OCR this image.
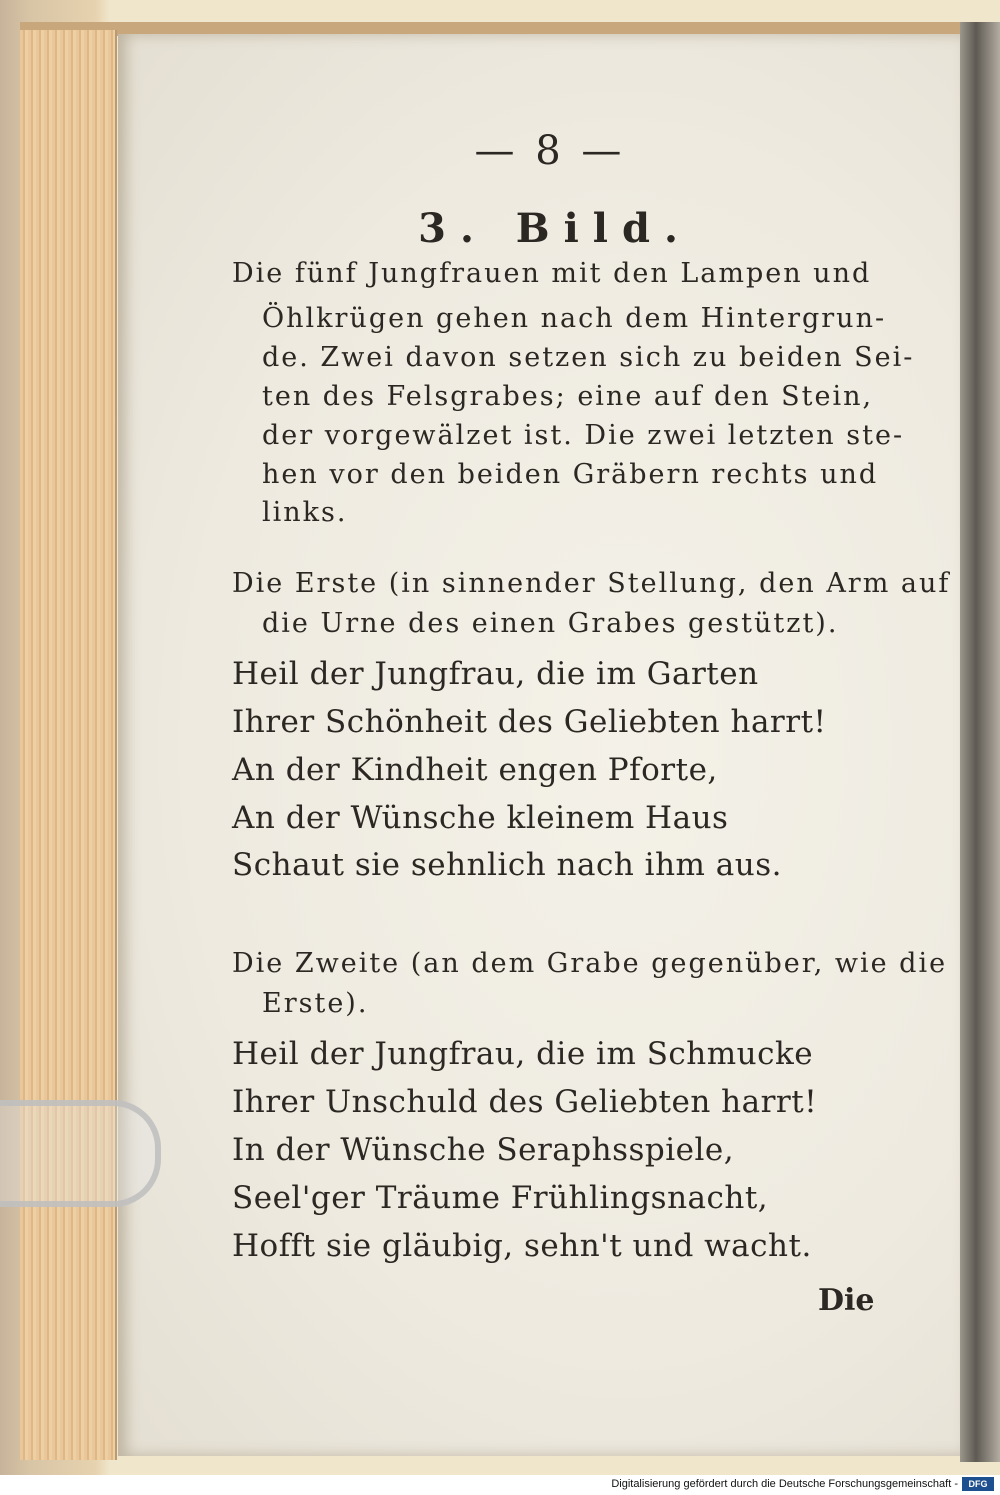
— 8 —
3. Bild.
Die fünf Jungfrauen mit den Lampen und
Öhlkrügen gehen nach dem Hintergrun-
de. Zwei davon setzen sich zu beiden Sei-
ten des Felsgrabes; eine auf den Stein,
der vorgewälzet ist. Die zwei letzten ste-
hen vor den beiden Gräbern rechts und
links.
Die Erste (in sinnender Stellung, den Arm auf
die Urne des einen Grabes gestützt).
Heil der Jungfrau, die im Garten
Ihrer Schönheit des Geliebten harrt!
An der Kindheit engen Pforte,
An der Wünsche kleinem Haus
Schaut sie sehnlich nach ihm aus.
Die Zweite (an dem Grabe gegenüber, wie die
Erste).
Heil der Jungfrau, die im Schmucke
Ihrer Unschuld des Geliebten harrt!
In der Wünsche Seraphsspiele,
Seel'ger Träume Frühlingsnacht,
Hofft sie gläubig, sehn't und wacht.
Die
Digitalisierung gefördert durch die Deutsche Forschungsgemeinschaft -	DFG
